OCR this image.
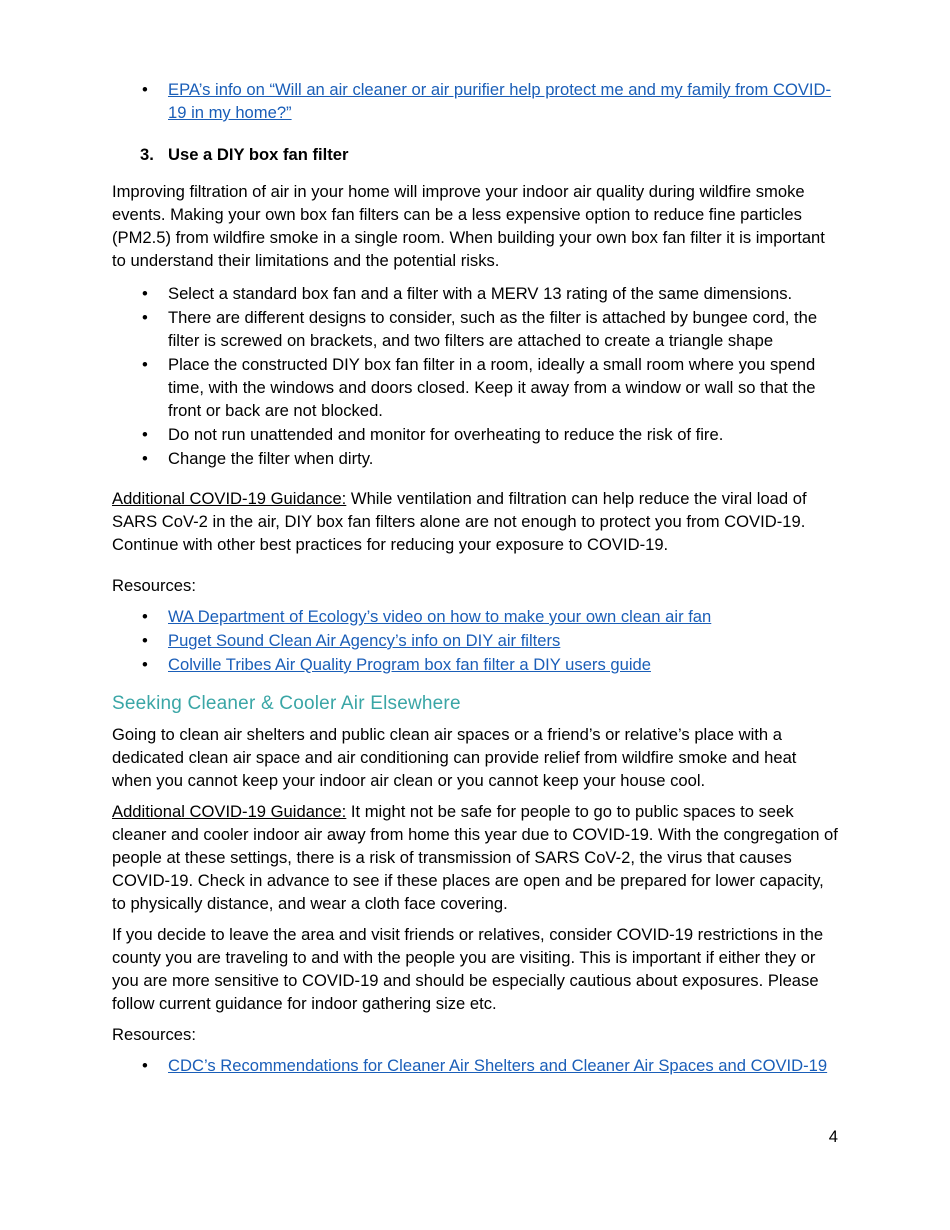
• EPA’s info on “Will an air cleaner or air purifier help protect me and my family from COVID-19 in my home?”
3. Use a DIY box fan filter

Improving filtration of air in your home will improve your indoor air quality during wildfire smoke events. Making your own box fan filters can be a less expensive option to reduce fine particles (PM2.5) from wildfire smoke in a single room. When building your own box fan filter it is important to understand their limitations and the potential risks.

• Select a standard box fan and a filter with a MERV 13 rating of the same dimensions.
• There are different designs to consider, such as the filter is attached by bungee cord, the filter is screwed on brackets, and two filters are attached to create a triangle shape
• Place the constructed DIY box fan filter in a room, ideally a small room where you spend time, with the windows and doors closed. Keep it away from a window or wall so that the front or back are not blocked.
• Do not run unattended and monitor for overheating to reduce the risk of fire.
• Change the filter when dirty.

Additional COVID-19 Guidance: While ventilation and filtration can help reduce the viral load of SARS CoV-2 in the air, DIY box fan filters alone are not enough to protect you from COVID-19. Continue with other best practices for reducing your exposure to COVID-19.

Resources:

• WA Department of Ecology’s video on how to make your own clean air fan
• Puget Sound Clean Air Agency’s info on DIY air filters
• Colville Tribes Air Quality Program box fan filter a DIY users guide
Seeking Cleaner & Cooler Air Elsewhere

Going to clean air shelters and public clean air spaces or a friend’s or relative’s place with a dedicated clean air space and air conditioning can provide relief from wildfire smoke and heat when you cannot keep your indoor air clean or you cannot keep your house cool.

Additional COVID-19 Guidance: It might not be safe for people to go to public spaces to seek cleaner and cooler indoor air away from home this year due to COVID-19. With the congregation of people at these settings, there is a risk of transmission of SARS CoV-2, the virus that causes COVID-19. Check in advance to see if these places are open and be prepared for lower capacity, to physically distance, and wear a cloth face covering.

If you decide to leave the area and visit friends or relatives, consider COVID-19 restrictions in the county you are traveling to and with the people you are visiting. This is important if either they or you are more sensitive to COVID-19 and should be especially cautious about exposures. Please follow current guidance for indoor gathering size etc.

Resources:

• CDC’s Recommendations for Cleaner Air Shelters and Cleaner Air Spaces and COVID-19
4
